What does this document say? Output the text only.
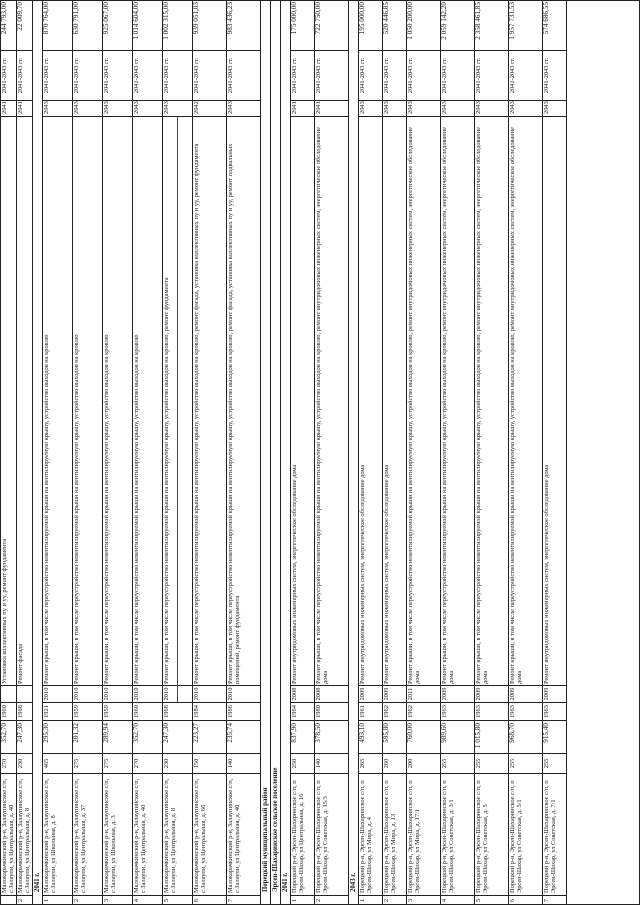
Малокарачкинский р-н, Залаупинское с/п, с Залаупи, ул Центральная, д. 40
270
352,70
1960
Установка коллективных пу и уу, ремонт фундамента
2041
2041-2043 гг.
244 793,00
2
Малокарачкинский р-н, Залаупинское с/п, с Залаупи, ул Центральная, д. 8
230
247,30
1968
Ремонт фасада
2041
2041-2043 гг.
22 009,70
2041 г.
1
Малокарачкинский р-н, Залаупинское с/п, с Залаупи, ул Школьная, д. 8
465
295,30
1921
2010
Ремонт крыши, в том числе переустройство невентилируемой крыши на вентилируемую крышу, устройство выходов на кровлю
2043
2041-2043 гг.
870 764,00
2
Малокарачкинский р-н, Залаупинское с/п, с Залаупи, ул Центральная, д. 37
275
201,32
1959
2010
Ремонт крыши, в том числе переустройство невентилируемой крыши на вентилируемую крышу, устройство выходов на кровлю
2043
2041-2043 гг.
630 791,00
3
Малокарачкинский р-н, Залаупинское с/п, с Залаупи, ул Школьная, д. 3
275
289,94
1959
2010
Ремонт крыши, в том числе переустройство невентилируемой крыши на вентилируемую крышу, устройство выходов на кровлю
2043
2041-2043 гг.
925 067,00
4
Малокарачкинский р-н, Залаупинское с/п, с Залаупи, ул Центральная, д. 40
270
352,70
1960
2010
Ремонт крыши, в том числе переустройство невентилируемой крыши на вентилируемую крышу, устройство выходов на кровлю
2043
2041-2043 гг.
1 014 604,00
5
Малокарачкинский р-н, Залаупинское с/п, с Залаупи, ул Центральная, д. 8
230
247,30
1968
2010
Ремонт крыши, в том числе переустройство невентилируемой крыши на вентилируемую крышу, устройство выходов на кровлю, ремонт фундамента
2043
2041-2043 гг.
1 002 315,00
6
Малокарачкинский р-н, Залаупинское с/п, с Залаупи, ул Центральная, д. 66
150
223,27
1984
2010
Ремонт крыши, в том числе переустройство невентилируемой крыши на вентилируемую крышу, устройство выходов на кровлю, ремонт фасада, установка коллективных пу и уу, ремонт фундамента
2042
2041-2043 гг.
939 051,03
7
Малокарачкинский р-н, Залаупинское с/п, с Залаупи, ул Центральная, д. 40
140
235,74
1986
2010
Ремонт крыши, в том числе переустройство невентилируемой крыши на вентилируемую крышу, устройство выходов на кровлю, ремонт фасада, установка коллективных пу и уу, ремонт подвальных помещений, ремонт фундамента
2043
2041-2043 гг.
983 436,23
Порецкий муниципальный район Эрсен-Шахаринское сельское поселение 2041 г.
1
Порецкий р-н, Эрсен-Шахаринское с/п, п Эрсен-Шахар, ул Центральная, д. 16
250
837,90
1964
2008
Ремонт внутридомовых инженерных систем, энергетическое обследование дома
2041
2041-2043 гг.
175 000,00
2
Порецкий р-н, Эрсен-Шахаринское с/п, п Эрсен-Шахар, ул Советская, д. 15/3
140
378,50
1980
2008
Ремонт крыши, в том числе переустройство невентилируемой крыши на вентилируемую крышу, устройство выходов на кровлю, ремонт внутридомовых инженерных систем, энергетическое обследование дома
2041
2041-2043 гг.
722 750,00
2043 г.
1
Порецкий р-н, Эрсен-Шахаринское с/п, п Эрсен-Шахар, ул Мира, д. 4
265
493,10
1961
2009
Ремонт внутридомовых инженерных систем, энергетическое обследование дома
2043
2041-2043 гг.
195 000,00
2
Порецкий р-н, Эрсен-Шахаринское с/п, п Эрсен-Шахар, ул Мира, д. 13
260
595,80
1962
2009
Ремонт внутридомовых инженерных систем, энергетическое обследование дома
2043
2041-2043 гг.
520 446,85
3
Порецкий р-н, Эрсен-Шахаринское с/п, п Эрсен-Шахар, ул Мира, д. 17/1
200
760,00
1962
2011
Ремонт крыши, в том числе переустройство невентилируемой крыши на вентилируемую крышу, устройство выходов на кровлю, ремонт внутридомовых инженерных систем, энергетическое обследование дома
2043
2041-2043 гг.
1 050 200,00
4
Порецкий р-н, Эрсен-Шахаринское с/п, п Эрсен-Шахар, ул Советская, д. 3/1
255
989,60
1963
2009
Ремонт крыши, в том числе переустройство невентилируемой крыши на вентилируемую крышу, устройство выходов на кровлю, ремонт внутридомовых инженерных систем, энергетическое обследование дома
2043
2041-2043 гг.
2 059 142,20
5
Порецкий р-н, Эрсен-Шахаринское с/п, п Эрсен-Шахар, ул Советская, д. 5
255
1 015,80
1963
2009
Ремонт крыши, в том числе переустройство невентилируемой крыши на вентилируемую крышу, устройство выходов на кровлю, ремонт внутридомовых инженерных систем, энергетическое обследование дома
2043
2041-2043 гг.
2 358 461,85
6
Порецкий р-н, Эрсен-Шахаринское с/п, п Эрсен-Шахар, ул Советская, д. 5/1
255
968,70
1963
2009
Ремонт крыши, в том числе переустройство невентилируемой крыши на вентилируемую крышу, устройство выходов на кровлю, ремонт внутридомовых инженерных систем, энергетическое обследование дома
2043
2041-2043 гг.
1 957 731,53
7
Порецкий р-н, Эрсен-Шахаринское с/п, п Эрсен-Шахар, ул Советская, д. 7/1
255
915,40
1963
2009
Ремонт внутридомовых инженерных систем, энергетическое обследование дома
2043
2041-2043 гг.
574 686,55
